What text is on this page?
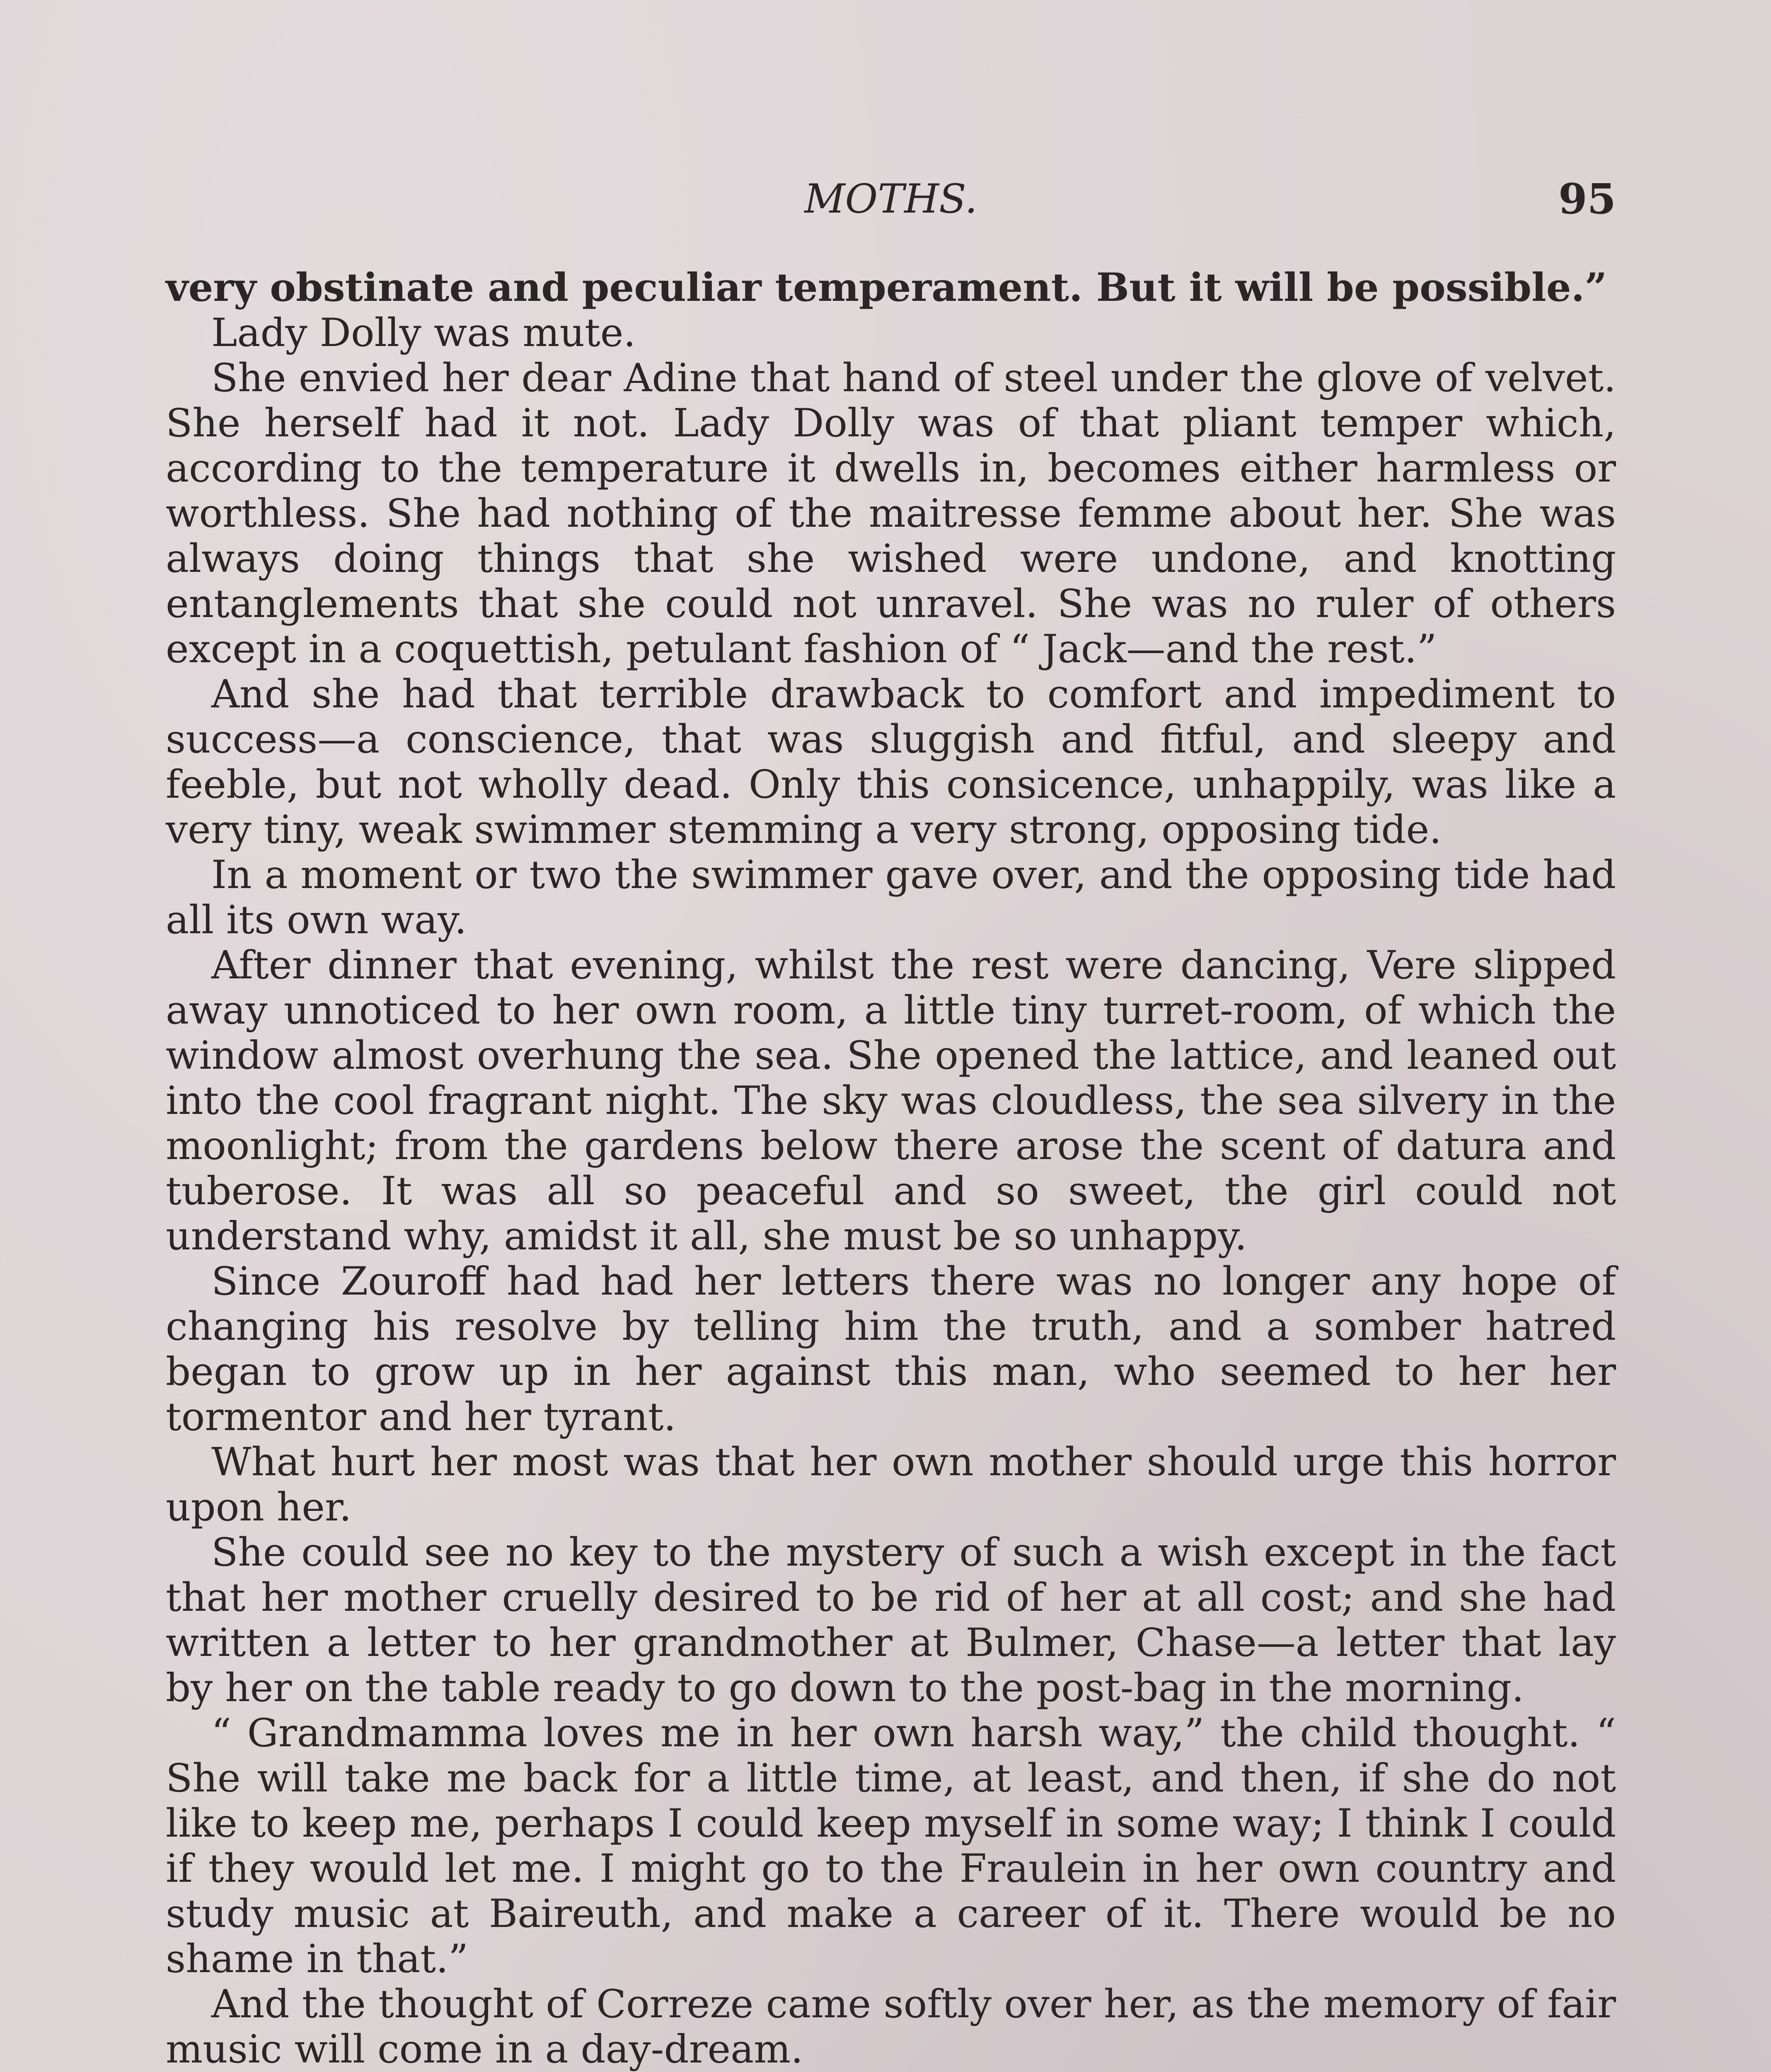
MOTHS.	95

very obstinate and peculiar temperament. But it will be possible.”

Lady Dolly was mute.

She envied her dear Adine that hand of steel under the glove of velvet. She herself had it not. Lady Dolly was of that pliant temper which, according to the temperature it dwells in, becomes either harmless or worthless. She had nothing of the maitresse femme about her. She was always doing things that she wished were undone, and knotting entanglements that she could not unravel. She was no ruler of others except in a coquettish, petulant fashion of “ Jack—and the rest.”

And she had that terrible drawback to comfort and impediment to success—a conscience, that was sluggish and fitful, and sleepy and feeble, but not wholly dead. Only this consicence, unhappily, was like a very tiny, weak swimmer stemming a very strong, opposing tide.

In a moment or two the swimmer gave over, and the opposing tide had all its own way.

After dinner that evening, whilst the rest were dancing, Vere slipped away unnoticed to her own room, a little tiny turret-room, of which the window almost overhung the sea. She opened the lattice, and leaned out into the cool fragrant night. The sky was cloudless, the sea silvery in the moonlight; from the gardens below there arose the scent of datura and tuberose. It was all so peaceful and so sweet, the girl could not understand why, amidst it all, she must be so unhappy.

Since Zouroff had had her letters there was no longer any hope of changing his resolve by telling him the truth, and a somber hatred began to grow up in her against this man, who seemed to her her tormentor and her tyrant.

What hurt her most was that her own mother should urge this horror upon her.

She could see no key to the mystery of such a wish except in the fact that her mother cruelly desired to be rid of her at all cost; and she had written a letter to her grandmother at Bulmer, Chase—a letter that lay by her on the table ready to go down to the post-bag in the morning.

“ Grandmamma loves me in her own harsh way,” the child thought. “ She will take me back for a little time, at least, and then, if she do not like to keep me, perhaps I could keep myself in some way; I think I could if they would let me. I might go to the Fraulein in her own country and study music at Baireuth, and make a career of it. There would be no shame in that.”

And the thought of Correze came softly over her, as the memory of fair music will come in a day-dream.
